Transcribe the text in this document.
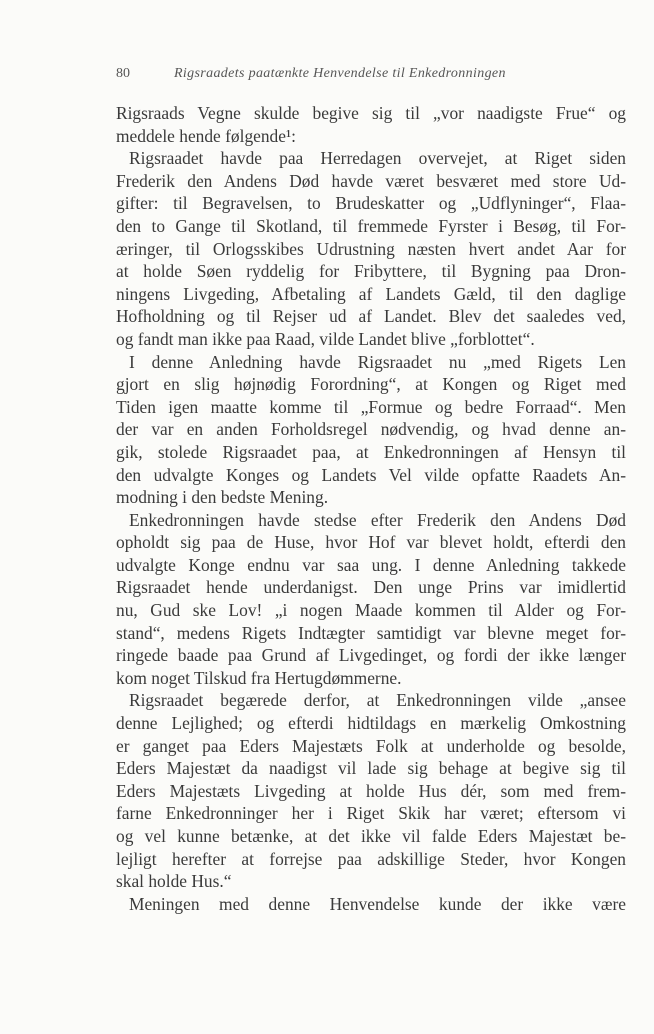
80	Rigsraadets paatænkte Henvendelse til Enkedronningen
Rigsraads Vegne skulde begive sig til „vor naadigste Frue“ og
meddele hende følgende¹:
Rigsraadet havde paa Herredagen overvejet, at Riget siden
Frederik den Andens Død havde været besværet med store Ud-
gifter: til Begravelsen, to Brudeskatter og „Udflyninger“, Flaa-
den to Gange til Skotland, til fremmede Fyrster i Besøg, til For-
æringer, til Orlogsskibes Udrustning næsten hvert andet Aar for
at holde Søen ryddelig for Fribyttere, til Bygning paa Dron-
ningens Livgeding, Afbetaling af Landets Gæld, til den daglige
Hofholdning og til Rejser ud af Landet. Blev det saaledes ved,
og fandt man ikke paa Raad, vilde Landet blive „forblottet“.
I denne Anledning havde Rigsraadet nu „med Rigets Len
gjort en slig højnødig Forordning“, at Kongen og Riget med
Tiden igen maatte komme til „Formue og bedre Forraad“. Men
der var en anden Forholdsregel nødvendig, og hvad denne an-
gik, stolede Rigsraadet paa, at Enkedronningen af Hensyn til
den udvalgte Konges og Landets Vel vilde opfatte Raadets An-
modning i den bedste Mening.
Enkedronningen havde stedse efter Frederik den Andens Død
opholdt sig paa de Huse, hvor Hof var blevet holdt, efterdi den
udvalgte Konge endnu var saa ung. I denne Anledning takkede
Rigsraadet hende underdanigst. Den unge Prins var imidlertid
nu, Gud ske Lov! „i nogen Maade kommen til Alder og For-
stand“, medens Rigets Indtægter samtidigt var blevne meget for-
ringede baade paa Grund af Livgedinget, og fordi der ikke længer
kom noget Tilskud fra Hertugdømmerne.
Rigsraadet begærede derfor, at Enkedronningen vilde „ansee
denne Lejlighed; og efterdi hidtildags en mærkelig Omkostning
er ganget paa Eders Majestæts Folk at underholde og besolde,
Eders Majestæt da naadigst vil lade sig behage at begive sig til
Eders Majestæts Livgeding at holde Hus dér, som med frem-
farne Enkedronninger her i Riget Skik har været; eftersom vi
og vel kunne betænke, at det ikke vil falde Eders Majestæt be-
lejligt herefter at forrejse paa adskillige Steder, hvor Kongen
skal holde Hus.“
Meningen med denne Henvendelse kunde der ikke være
